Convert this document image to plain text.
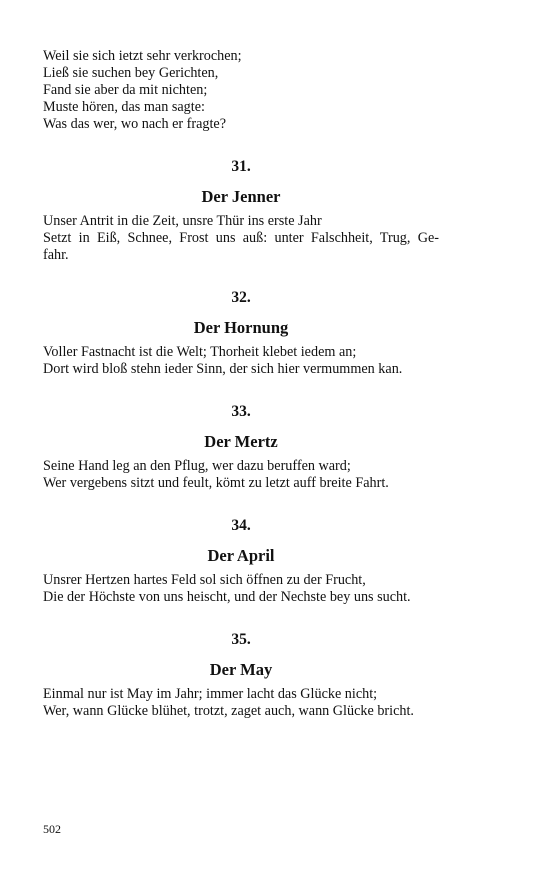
Weil sie sich ietzt sehr verkrochen;
Ließ sie suchen bey Gerichten,
Fand sie aber da mit nichten;
Muste hören, das man sagte:
Was das wer, wo nach er fragte?
31.
Der Jenner
Unser Antrit in die Zeit, unsre Thür ins erste Jahr
Setzt in Eiß, Schnee, Frost uns auß: unter Falschheit, Trug, Ge-
fahr.
32.
Der Hornung
Voller Fastnacht ist die Welt; Thorheit klebet iedem an;
Dort wird bloß stehn ieder Sinn, der sich hier vermummen kan.
33.
Der Mertz
Seine Hand leg an den Pflug, wer dazu beruffen ward;
Wer vergebens sitzt und feult, kömt zu letzt auff breite Fahrt.
34.
Der April
Unsrer Hertzen hartes Feld sol sich öffnen zu der Frucht,
Die der Höchste von uns heischt, und der Nechste bey uns sucht.
35.
Der May
Einmal nur ist May im Jahr; immer lacht das Glücke nicht;
Wer, wann Glücke blühet, trotzt, zaget auch, wann Glücke bricht.
502
